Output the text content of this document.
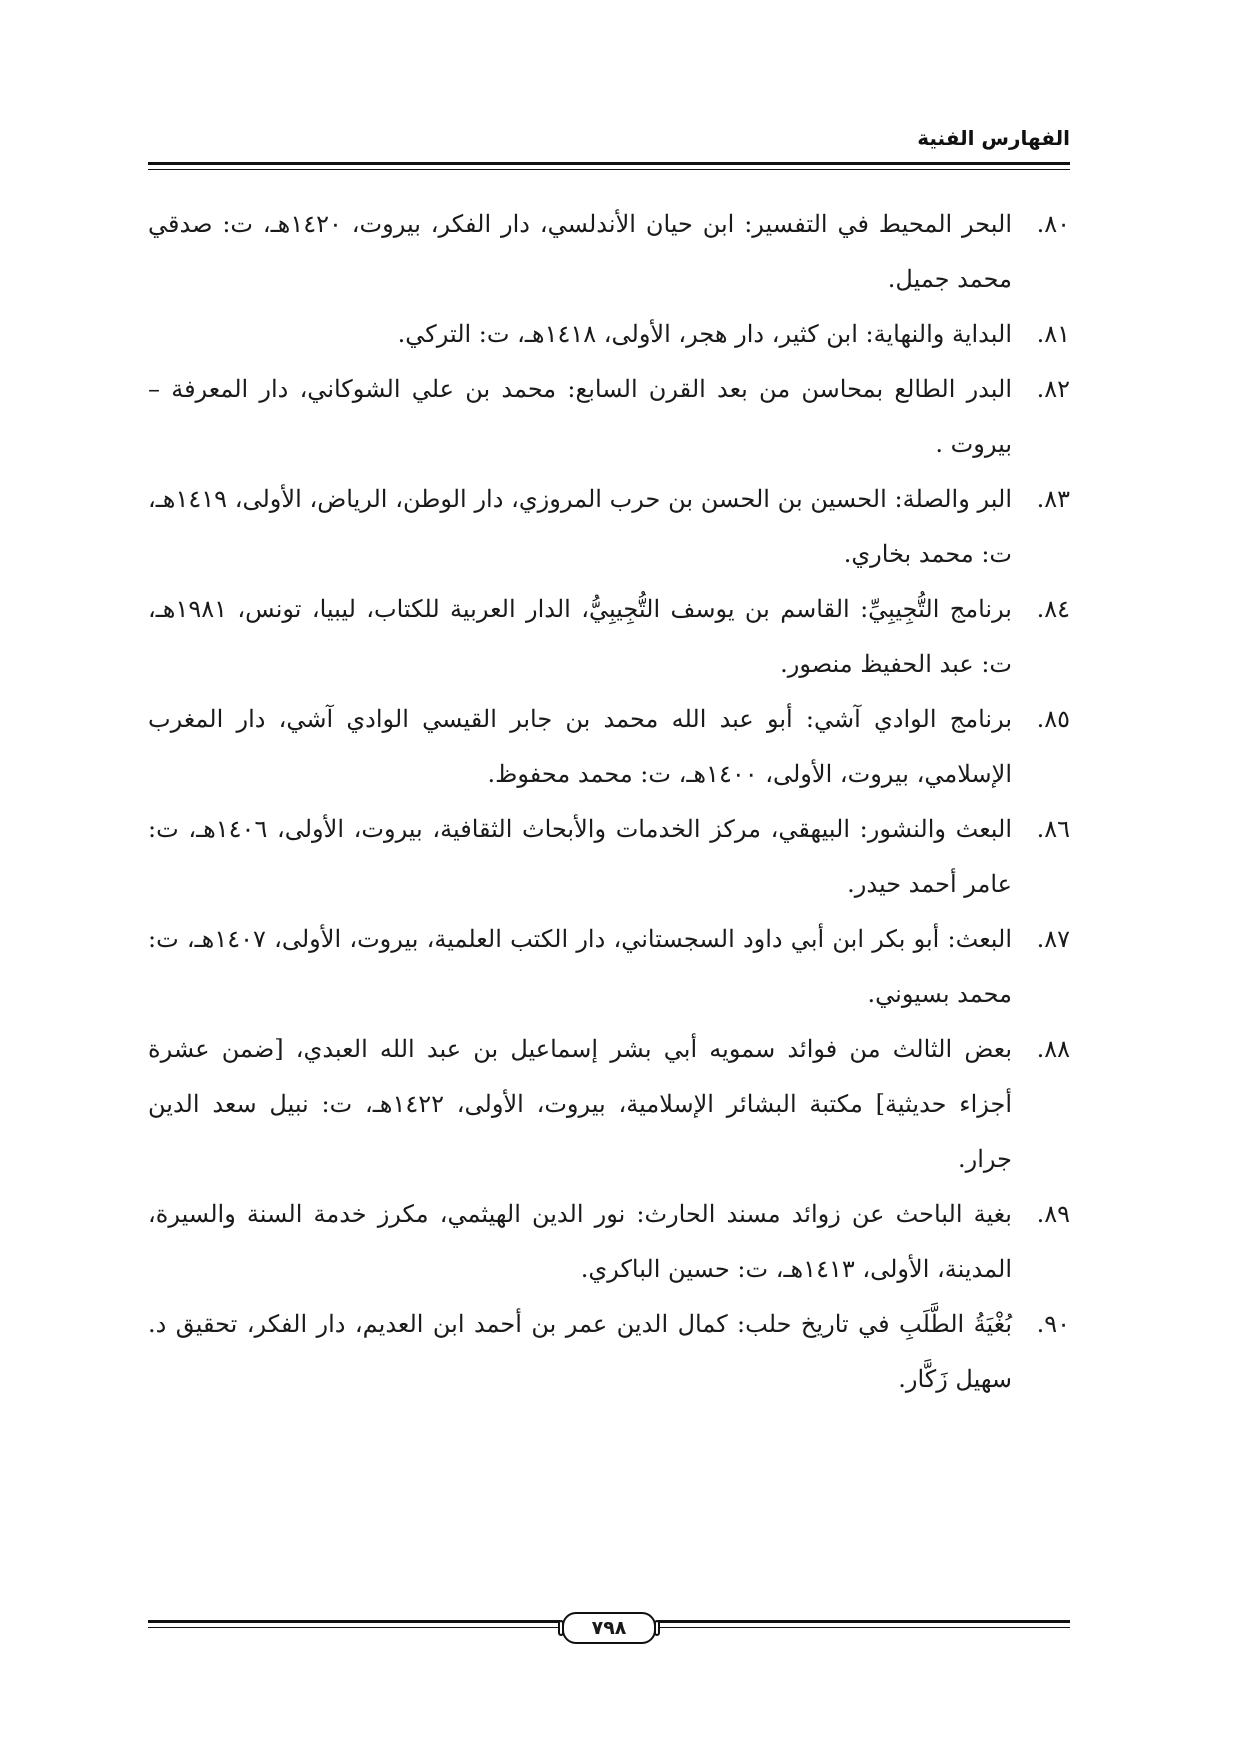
الفهارس الفنية
٨٠.
البحر المحيط في التفسير: ابن حيان الأندلسي، دار الفكر، بيروت، ١٤٢٠هـ، ت: صدقي محمد جميل.
٨١.
البداية والنهاية: ابن كثير، دار هجر، الأولى، ١٤١٨هـ، ت: التركي.
٨٢.
البدر الطالع بمحاسن من بعد القرن السابع: محمد بن علي الشوكاني، دار المعرفة – بيروت .
٨٣.
البر والصلة: الحسين بن الحسن بن حرب المروزي، دار الوطن، الرياض، الأولى، ١٤١٩هـ، ت: محمد بخاري.
٨٤.
برنامج التُّجِيبِيِّ: القاسم بن يوسف التُّجِيبِيُّ، الدار العربية للكتاب، ليبيا، تونس، ١٩٨١هـ، ت: عبد الحفيظ منصور.
٨٥.
برنامج الوادي آشي: أبو عبد الله محمد بن جابر القيسي الوادي آشي، دار المغرب الإسلامي، بيروت، الأولى، ١٤٠٠هـ، ت: محمد محفوظ.
٨٦.
البعث والنشور: البيهقي، مركز الخدمات والأبحاث الثقافية، بيروت، الأولى، ١٤٠٦هـ، ت: عامر أحمد حيدر.
٨٧.
البعث: أبو بكر ابن أبي داود السجستاني، دار الكتب العلمية، بيروت، الأولى، ١٤٠٧هـ، ت: محمد بسيوني.
٨٨.
بعض الثالث من فوائد سمويه أبي بشر إسماعيل بن عبد الله العبدي، [ضمن عشرة أجزاء حديثية] مكتبة البشائر الإسلامية، بيروت، الأولى، ١٤٢٢هـ، ت: نبيل سعد الدين جرار.
٨٩.
بغية الباحث عن زوائد مسند الحارث: نور الدين الهيثمي، مكرز خدمة السنة والسيرة، المدينة، الأولى، ١٤١٣هـ، ت: حسين الباكري.
٩٠.
بُغْيَةُ الطَّلَبِ في تاريخ حلب: كمال الدين عمر بن أحمد ابن العديم، دار الفكر، تحقيق د. سهيل زَكَّار.
٧٩٨
